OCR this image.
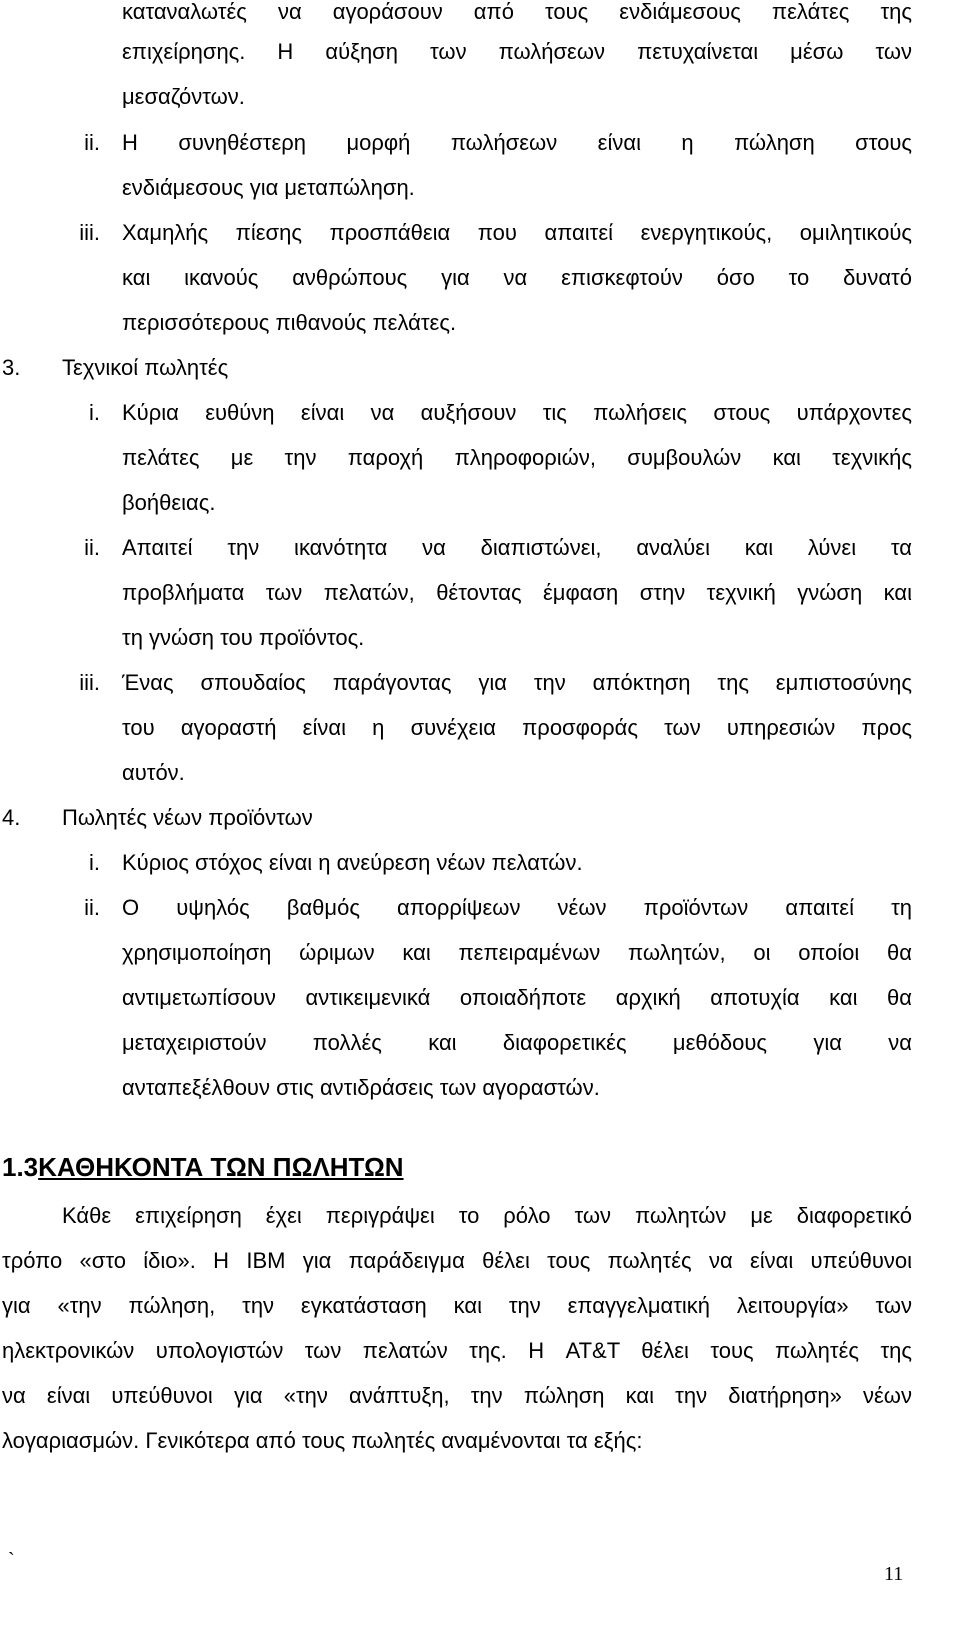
καταναλωτές να αγοράσουν από τους ενδιάμεσους πελάτες της
επιχείρησης. Η αύξηση των πωλήσεων πετυχαίνεται μέσω των
μεσαζόντων.
ii. Η συνηθέστερη μορφή πωλήσεων είναι η πώληση στους
ενδιάμεσους για μεταπώληση.
iii. Χαμηλής πίεσης προσπάθεια που απαιτεί ενεργητικούς, ομιλητικούς
και ικανούς ανθρώπους για να επισκεφτούν όσο το δυνατό
περισσότερους πιθανούς πελάτες.
3. Τεχνικοί πωλητές
i. Κύρια ευθύνη είναι να αυξήσουν τις πωλήσεις στους υπάρχοντες
πελάτες με την παροχή πληροφοριών, συμβουλών και τεχνικής
βοήθειας.
ii. Απαιτεί την ικανότητα να διαπιστώνει, αναλύει και λύνει τα
προβλήματα των πελατών, θέτοντας έμφαση στην τεχνική γνώση και
τη γνώση του προϊόντος.
iii. Ένας σπουδαίος παράγοντας για την απόκτηση της εμπιστοσύνης
του αγοραστή είναι η συνέχεια προσφοράς των υπηρεσιών προς
αυτόν.
4. Πωλητές νέων προϊόντων
i. Κύριος στόχος είναι η ανεύρεση νέων πελατών.
ii. Ο υψηλός βαθμός απορρίψεων νέων προϊόντων απαιτεί τη
χρησιμοποίηση ώριμων και πεπειραμένων πωλητών, οι οποίοι θα
αντιμετωπίσουν αντικειμενικά οποιαδήποτε αρχική αποτυχία και θα
μεταχειριστούν πολλές και διαφορετικές μεθόδους για να
ανταπεξέλθουν στις αντιδράσεις των αγοραστών.
1.3ΚΑΘΗΚΟΝΤΑ ΤΩΝ ΠΩΛΗΤΩΝ
Κάθε επιχείρηση έχει περιγράψει το ρόλο των πωλητών με διαφορετικό
τρόπο «στο ίδιο». Η IBM για παράδειγμα θέλει τους πωλητές να είναι υπεύθυνοι
για «την πώληση, την εγκατάσταση και την επαγγελματική λειτουργία» των
ηλεκτρονικών υπολογιστών των πελατών της. Η AT&T θέλει τους πωλητές της
να είναι υπεύθυνοι για «την ανάπτυξη, την πώληση και την διατήρηση» νέων
λογαριασμών. Γενικότερα από τους πωλητές αναμένονται τα εξής:
`
11
